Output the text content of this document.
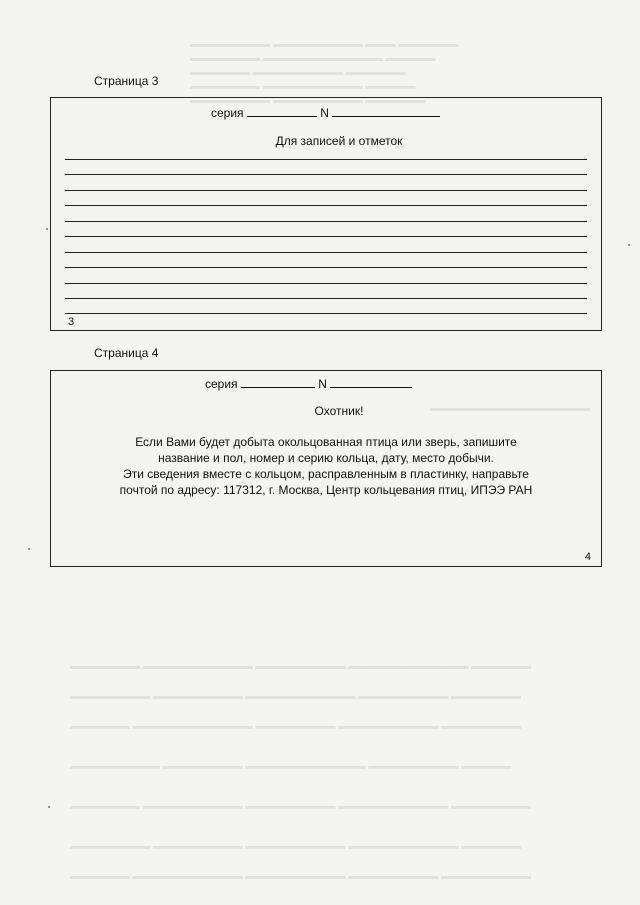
▬▬▬▬▬▬▬▬ ▬▬▬▬▬▬▬▬▬ ▬▬▬ ▬▬▬▬▬▬
▬▬▬▬▬▬▬ ▬▬▬▬▬▬▬▬▬▬▬▬ ▬▬▬▬▬
▬▬▬▬▬▬ ▬▬▬▬▬▬▬▬▬ ▬▬▬▬▬▬
▬▬▬▬▬▬▬ ▬▬▬▬▬▬▬▬▬▬ ▬▬▬▬▬
▬▬▬▬▬▬▬▬ ▬▬▬▬▬▬▬▬▬ ▬▬▬▬▬▬
▬▬▬▬▬▬▬▬▬▬▬▬▬▬▬▬
▬▬▬▬▬▬▬ ▬▬▬▬▬▬▬▬▬▬▬ ▬▬▬▬▬▬▬▬▬ ▬▬▬▬▬▬▬▬▬▬▬▬ ▬▬▬▬▬▬
▬▬▬▬▬▬▬▬ ▬▬▬▬▬▬▬▬▬ ▬▬▬▬▬▬▬▬▬▬▬ ▬▬▬▬▬▬▬▬▬ ▬▬▬▬▬▬▬
▬▬▬▬▬▬ ▬▬▬▬▬▬▬▬▬▬▬▬ ▬▬▬▬▬▬▬▬ ▬▬▬▬▬▬▬▬▬▬ ▬▬▬▬▬▬▬▬
▬▬▬▬▬▬▬▬▬ ▬▬▬▬▬▬▬▬ ▬▬▬▬▬▬▬▬▬▬▬▬ ▬▬▬▬▬▬▬▬▬ ▬▬▬▬▬
▬▬▬▬▬▬▬ ▬▬▬▬▬▬▬▬▬▬ ▬▬▬▬▬▬▬▬▬ ▬▬▬▬▬▬▬▬▬▬▬ ▬▬▬▬▬▬▬▬
▬▬▬▬▬▬▬▬ ▬▬▬▬▬▬▬▬▬ ▬▬▬▬▬▬▬▬▬▬ ▬▬▬▬▬▬▬▬▬▬▬ ▬▬▬▬▬▬
▬▬▬▬▬▬ ▬▬▬▬▬▬▬▬▬▬▬ ▬▬▬▬▬▬▬▬▬▬ ▬▬▬▬▬▬▬▬▬ ▬▬▬▬▬▬▬▬▬
Страница 3
серия	N
Для записей и отметок
3
Страница 4
серия	N
Охотник!
Если Вами будет добыта окольцованная птица или зверь, запишите
название и пол, номер и серию кольца, дату, место добычи.
Эти сведения вместе с кольцом, расправленным в пластинку, направьте
почтой по адресу: 117312, г. Москва, Центр кольцевания птиц, ИПЭЭ РАН
4
